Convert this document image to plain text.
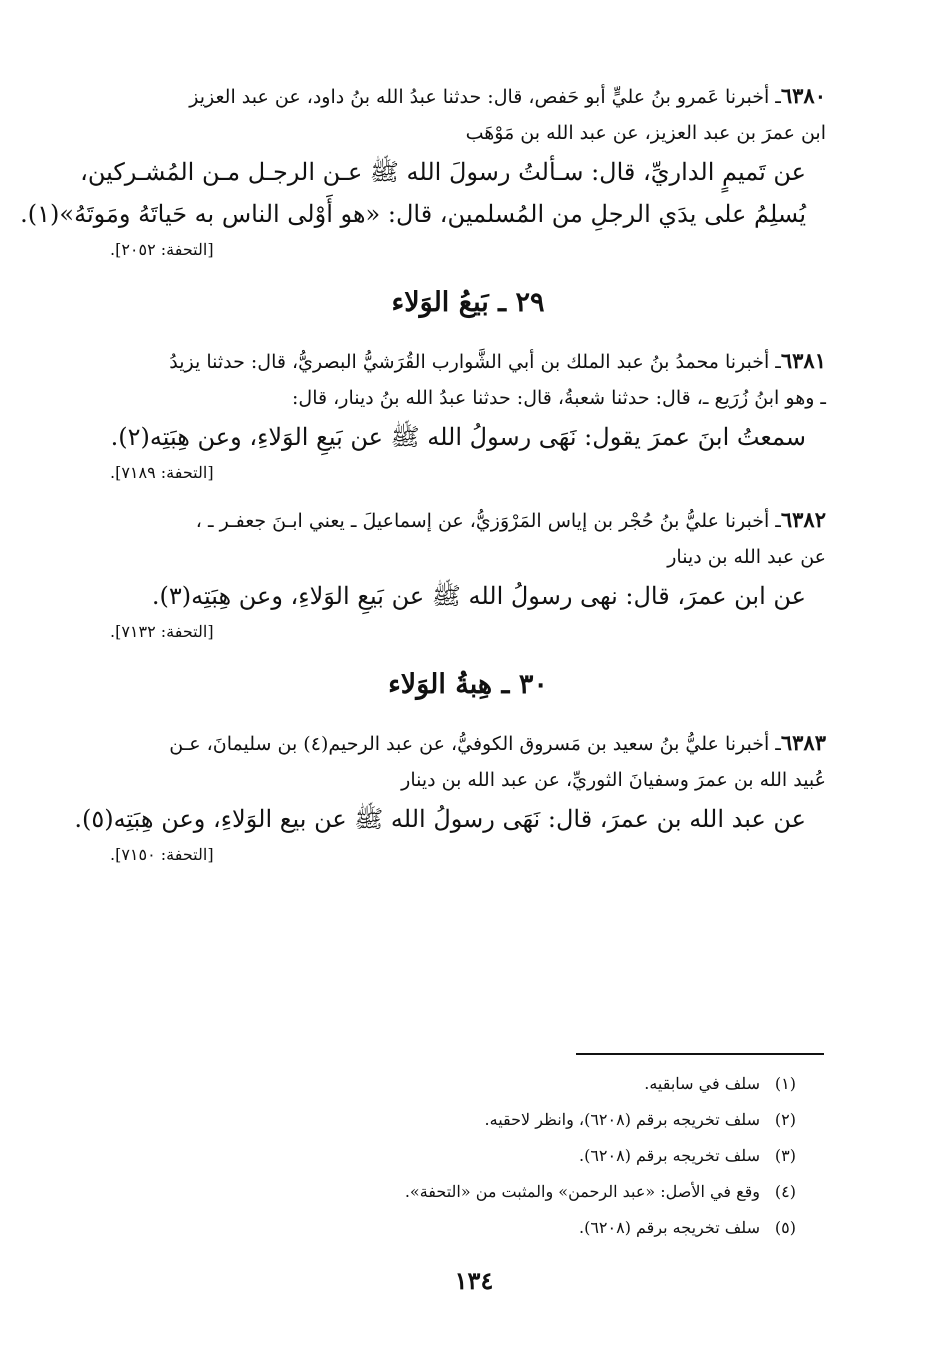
٦٣٨٠ـ أخبرنا عَمرو بنُ عليٍّ أبو حَفص، قال: حدثنا عبدُ الله بنُ داود، عن عبد العزيز
ابن عمرَ بن عبد العزيز، عن عبد الله بن مَوْهَب
عن تَميمٍ الداريِّ، قال: سـألتُ رسولَ الله ﷺ عـن الرجـل مـن المُشـركين،
يُسلِمُ على يدَي الرجلِ من المُسلمين، قال: «هو أَوْلى الناس به حَياتَهُ ومَوتَهُ»(١).
[التحفة: ٢٠٥٢].
٢٩ ـ بَيعُ الوَلاء
٦٣٨١ـ أخبرنا محمدُ بنُ عبد الملك بن أبي الشَّوارب القُرَشيُّ البصريُّ، قال: حدثنا يزيدُ
ـ وهو ابنُ زُرَيع ـ، قال: حدثنا شعبةُ، قال: حدثنا عبدُ الله بنُ دينار، قال:
سمعتُ ابنَ عمرَ يقول: نَهَى رسولُ الله ﷺ عن بَيعِ الوَلاءِ، وعن هِبَتِه(٢).
[التحفة: ٧١٨٩].
٦٣٨٢ـ أخبرنا عليُّ بنُ حُجْر بن إياس المَرْوَزيُّ، عن إسماعيلَ ـ يعني ابـنَ جعفـر ـ ،
عن عبد الله بن دينار
عن ابن عمرَ، قال: نهى رسولُ الله ﷺ عن بَيعِ الوَلاءِ، وعن هِبَتِه(٣).
[التحفة: ٧١٣٢].
٣٠ ـ هِبةُ الوَلاء
٦٣٨٣ـ أخبرنا عليُّ بنُ سعيد بن مَسروق الكوفيُّ، عن عبد الرحيم(٤) بن سليمانَ، عـن
عُبيد الله بن عمرَ وسفيانَ الثوريِّ، عن عبد الله بن دينار
عن عبد الله بن عمرَ، قال: نَهَى رسولُ الله ﷺ عن بيع الوَلاءِ، وعن هِبَتِه(٥).
[التحفة: ٧١٥٠].
(١)سلف في سابقيه.
(٢)سلف تخريجه برقم (٦٢٠٨)، وانظر لاحقيه.
(٣)سلف تخريجه برقم (٦٢٠٨).
(٤)وقع في الأصل: «عبد الرحمن» والمثبت من «التحفة».
(٥)سلف تخريجه برقم (٦٢٠٨).
١٣٤
